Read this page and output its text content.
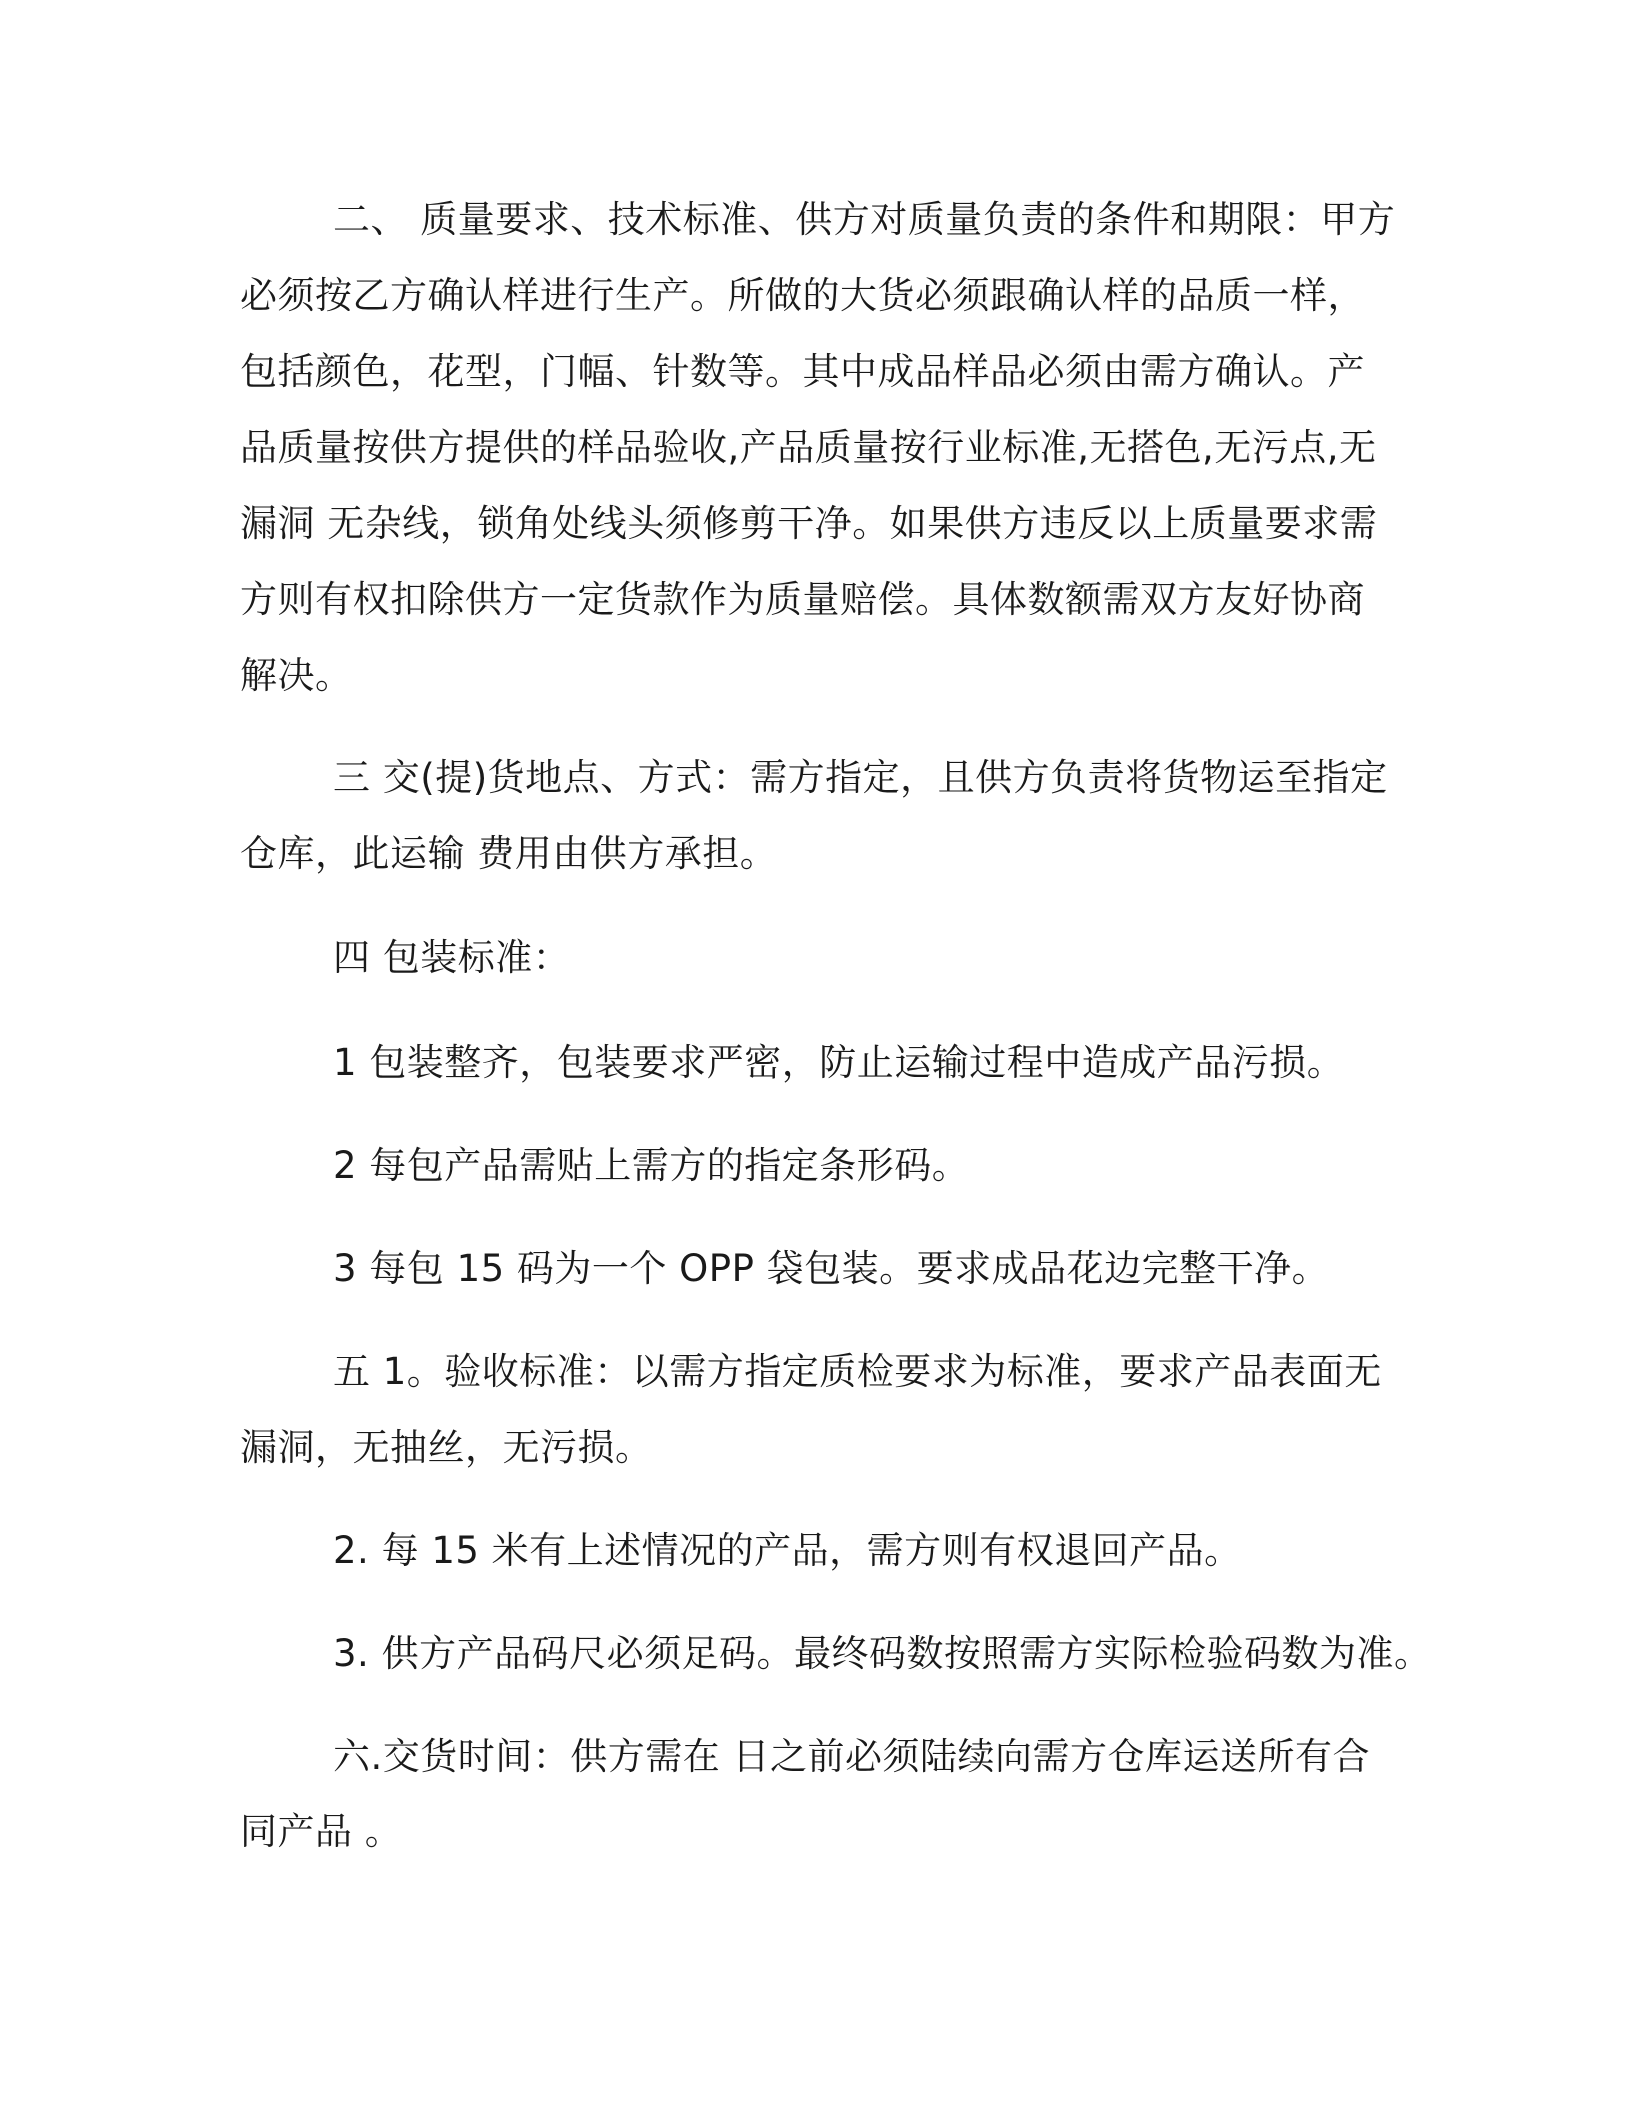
二、 质量要求、技术标准、供方对质量负责的条件和期限：甲方
必须按乙方确认样进行生产。所做的大货必须跟确认样的品质一样，
包括颜色，花型，门幅、针数等。其中成品样品必须由需方确认。产
品质量按供方提供的样品验收,产品质量按行业标准,无搭色,无污点,无
漏洞 无杂线，锁角处线头须修剪干净。如果供方违反以上质量要求需
方则有权扣除供方一定货款作为质量赔偿。具体数额需双方友好协商
解决。
三 交(提)货地点、方式：需方指定，且供方负责将货物运至指定
仓库，此运输 费用由供方承担。
四 包装标准：
1 包装整齐，包装要求严密，防止运输过程中造成产品污损。
2 每包产品需贴上需方的指定条形码。
3 每包 15 码为一个 OPP 袋包装。要求成品花边完整干净。
五 1。验收标准：以需方指定质检要求为标准，要求产品表面无
漏洞，无抽丝，无污损。
2. 每 15 米有上述情况的产品，需方则有权退回产品。
3. 供方产品码尺必须足码。最终码数按照需方实际检验码数为准。
六.交货时间：供方需在 日之前必须陆续向需方仓库运送所有合
同产品 。
